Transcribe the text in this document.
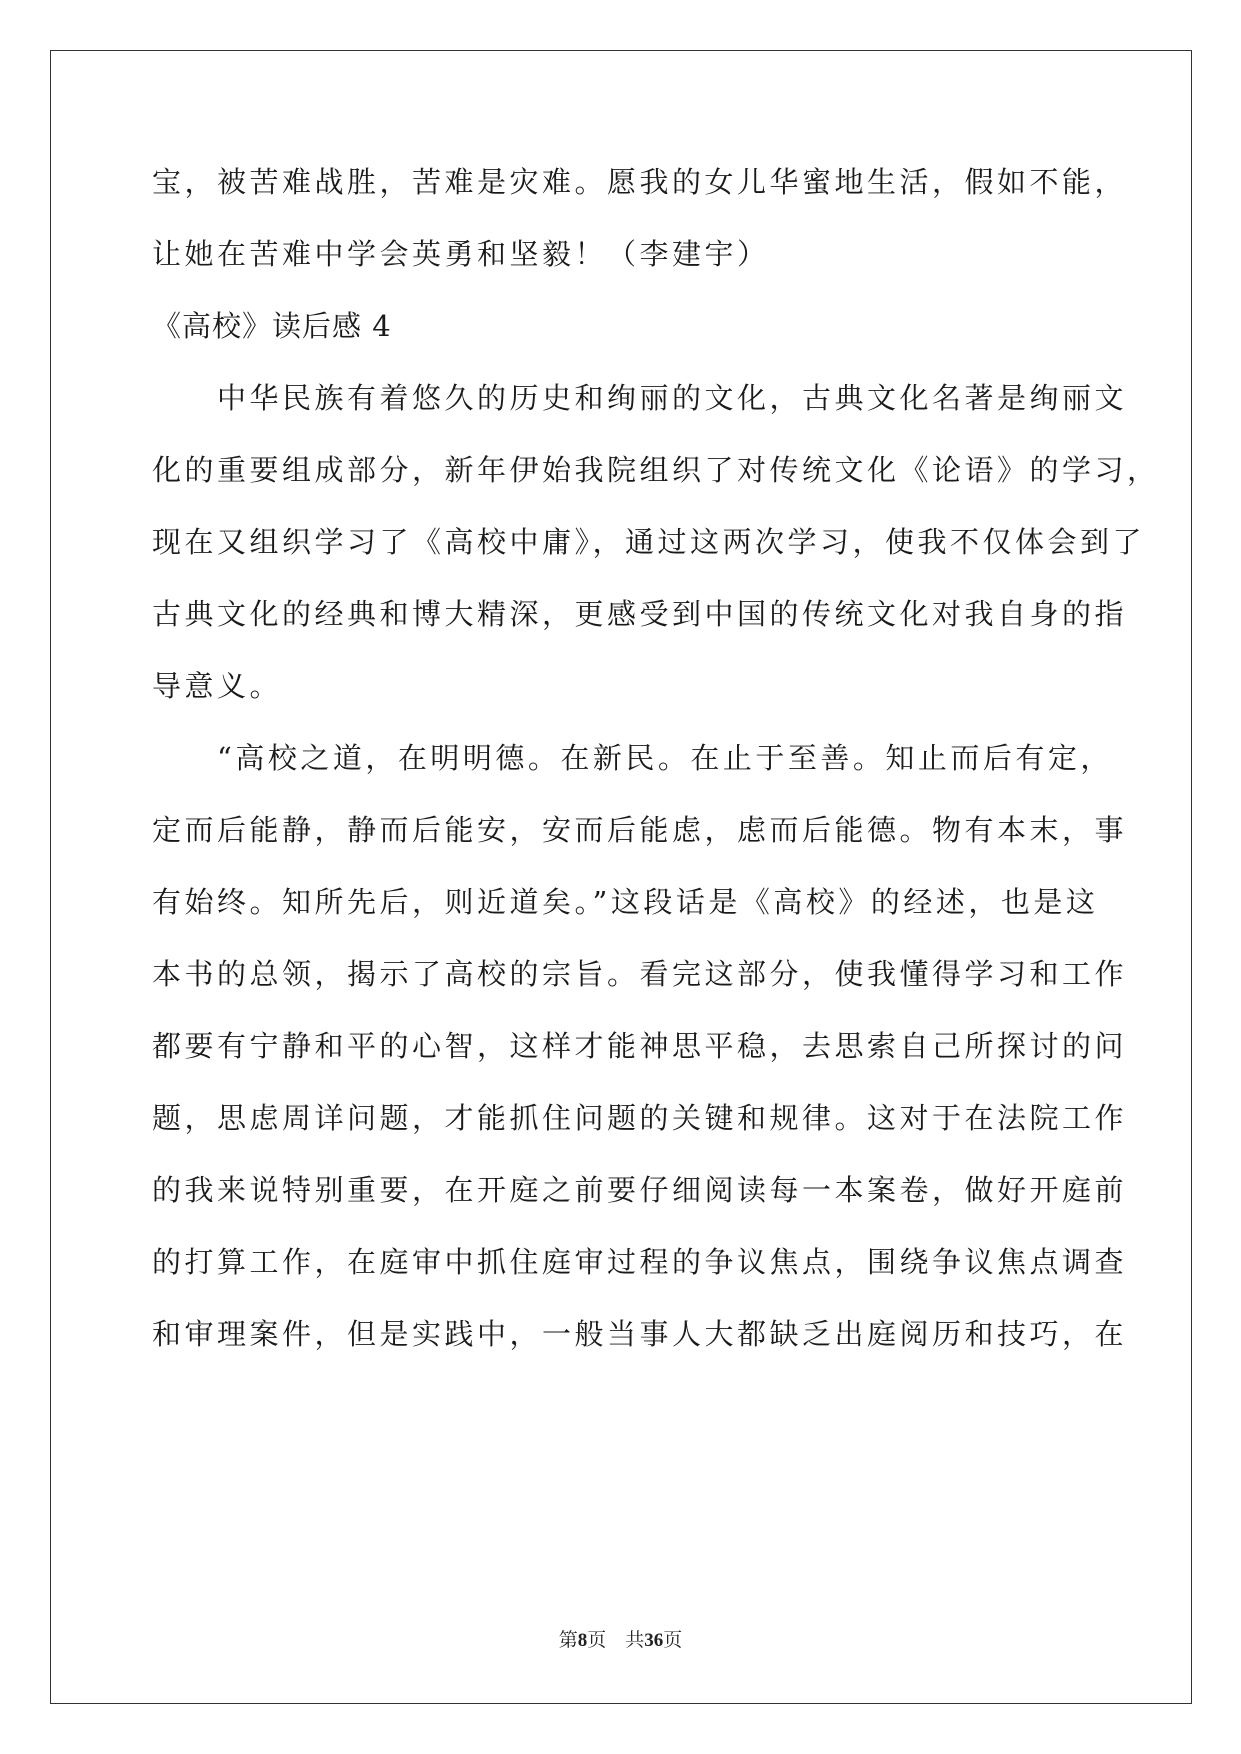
宝，被苦难战胜，苦难是灾难。愿我的女儿华蜜地生活，假如不能，
让她在苦难中学会英勇和坚毅！（李建宇）
《高校》读后感 4
　　中华民族有着悠久的历史和绚丽的文化，古典文化名著是绚丽文
化的重要组成部分，新年伊始我院组织了对传统文化《论语》的学习，
现在又组织学习了《高校中庸》，通过这两次学习，使我不仅体会到了
古典文化的经典和博大精深，更感受到中国的传统文化对我自身的指
导意义。
　　“高校之道，在明明德。在新民。在止于至善。知止而后有定，
定而后能静，静而后能安，安而后能虑，虑而后能德。物有本末，事
有始终。知所先后，则近道矣。”这段话是《高校》的经述，也是这
本书的总领，揭示了高校的宗旨。看完这部分，使我懂得学习和工作
都要有宁静和平的心智，这样才能神思平稳，去思索自己所探讨的问
题，思虑周详问题，才能抓住问题的关键和规律。这对于在法院工作
的我来说特别重要，在开庭之前要仔细阅读每一本案卷，做好开庭前
的打算工作，在庭审中抓住庭审过程的争议焦点，围绕争议焦点调查
和审理案件，但是实践中，一般当事人大都缺乏出庭阅历和技巧，在
第8页　共36页
